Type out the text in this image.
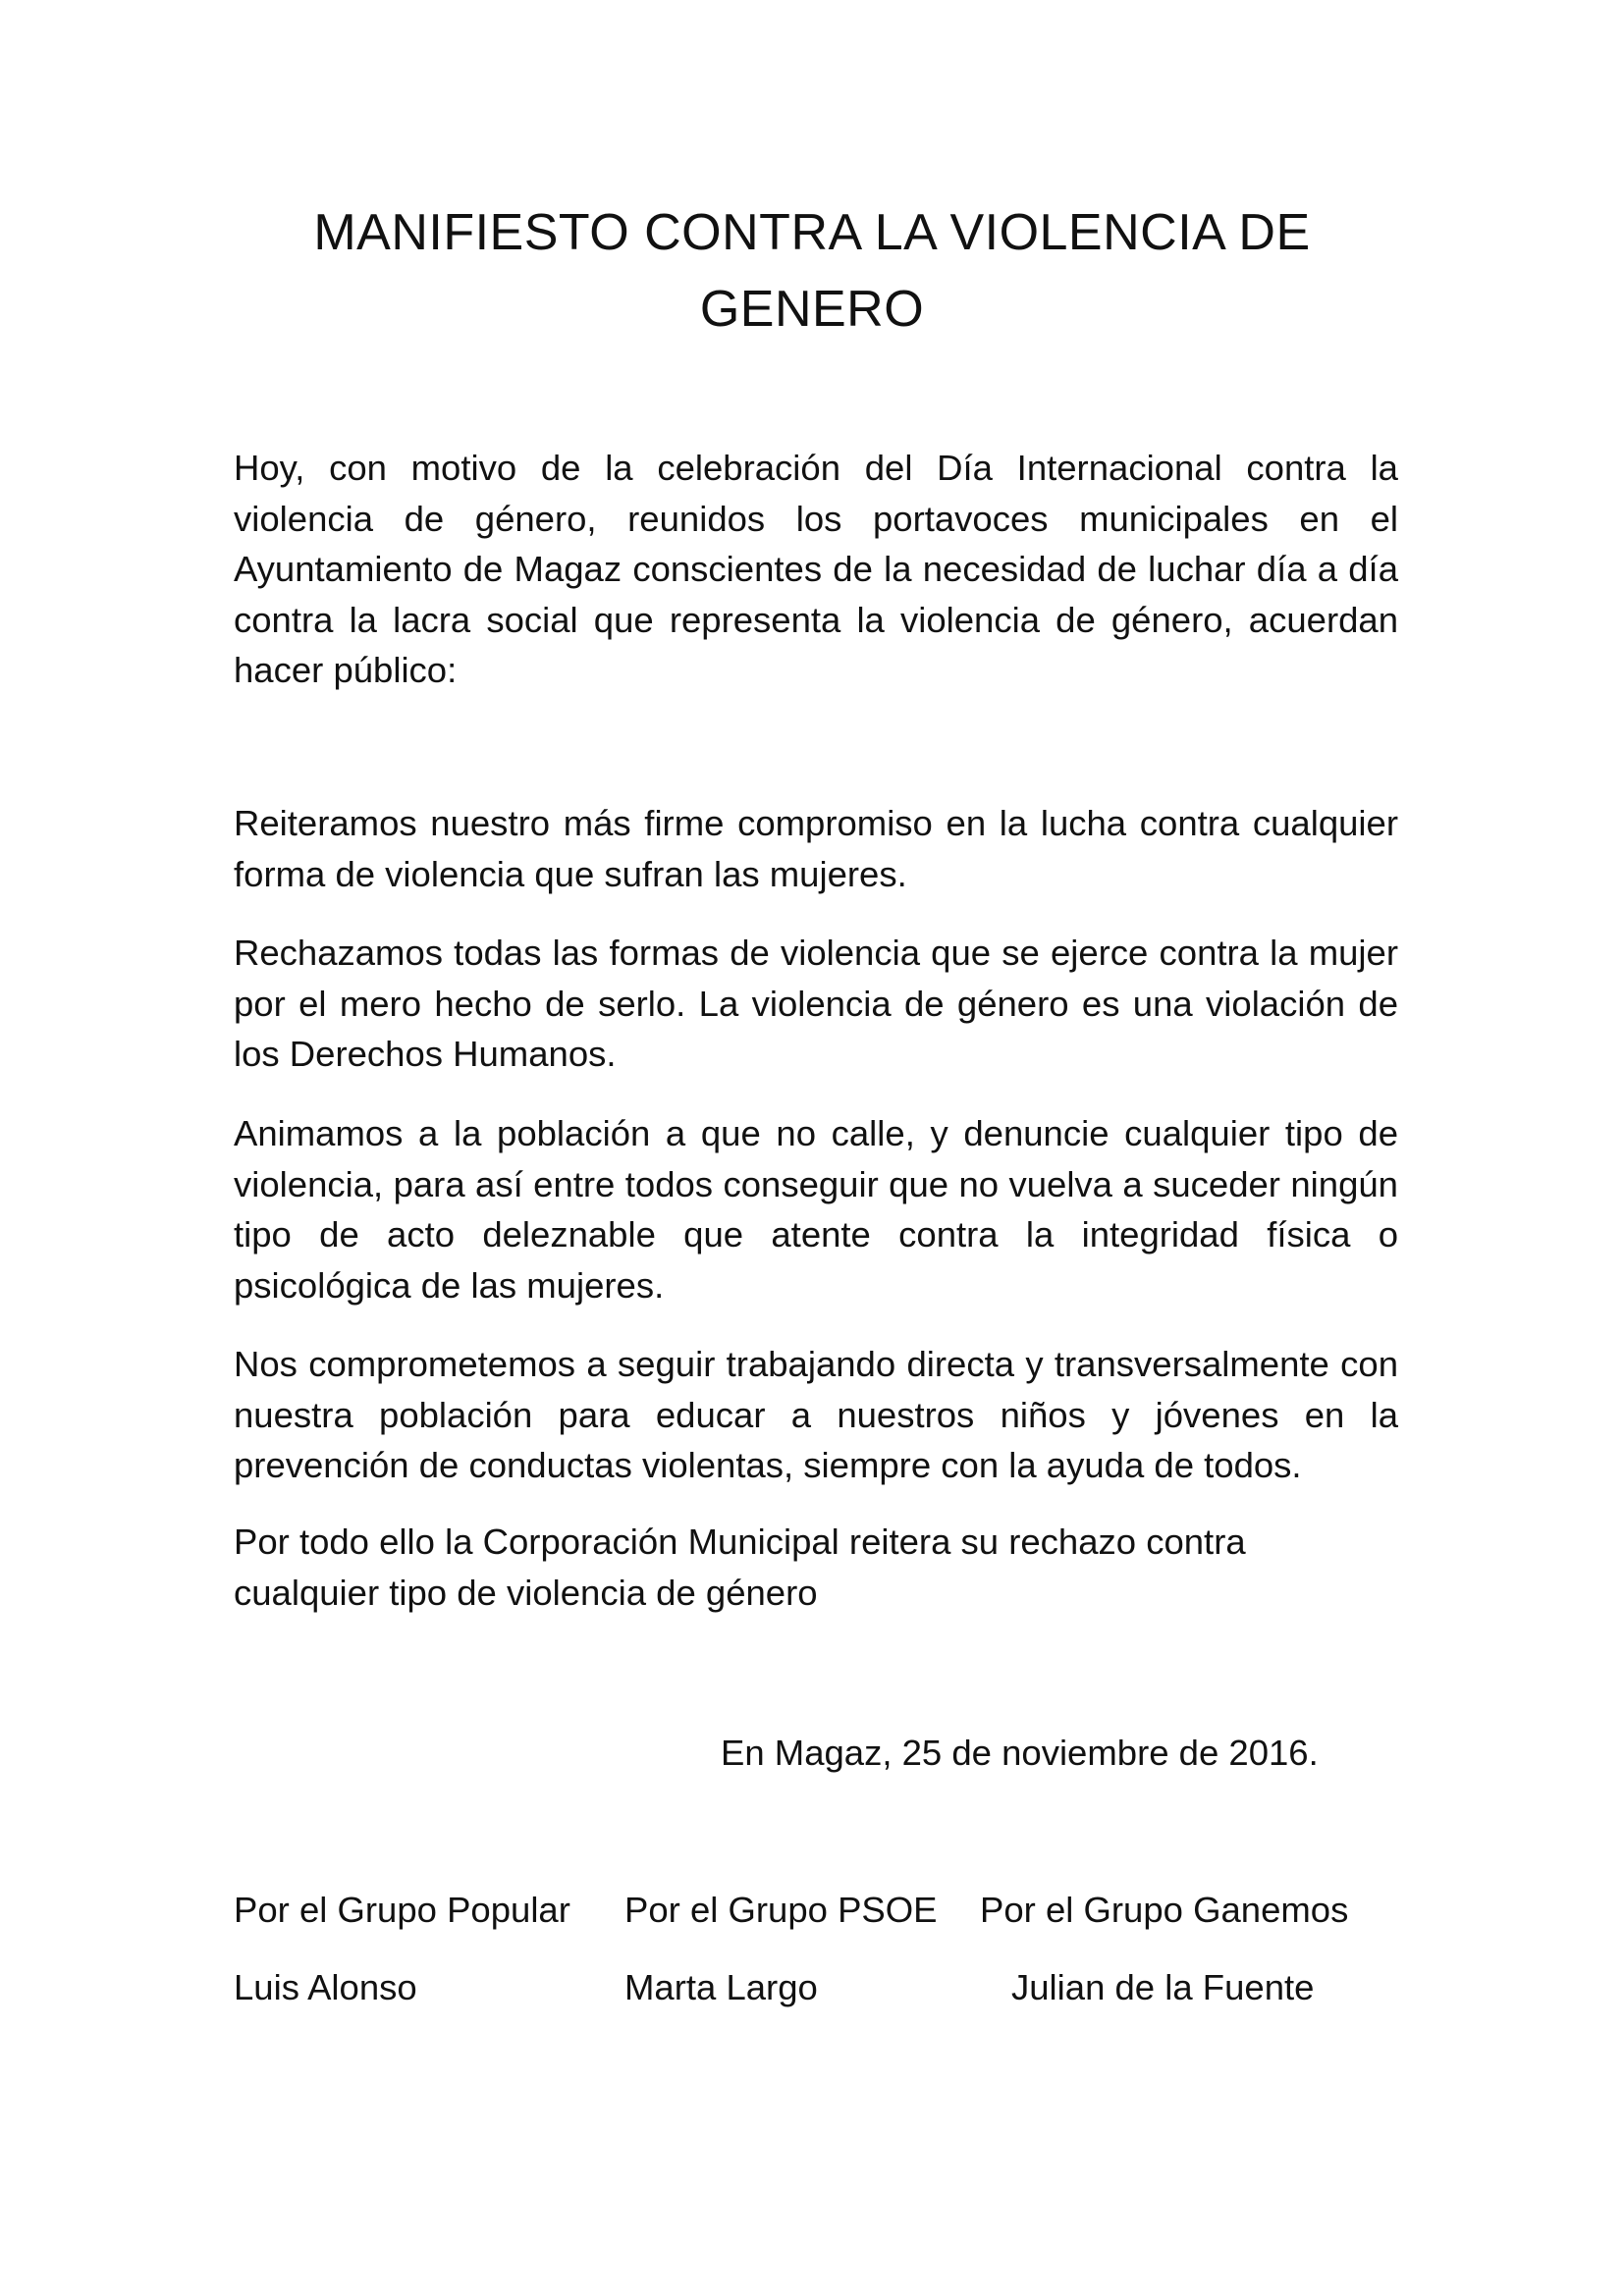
MANIFIESTO CONTRA LA VIOLENCIA DE
GENERO

Hoy, con motivo de la celebración del Día Internacional contra la violencia de género, reunidos los portavoces municipales en el Ayuntamiento de Magaz conscientes de la necesidad de luchar día a día contra la lacra social que representa la violencia de género, acuerdan hacer público:

Reiteramos nuestro más firme compromiso en la lucha contra cualquier forma de violencia que sufran las mujeres.

Rechazamos todas las formas de violencia que se ejerce contra la mujer por el mero hecho de serlo. La violencia de género es una violación de los Derechos Humanos.

Animamos a la población a que no calle, y denuncie cualquier tipo de violencia, para así entre todos conseguir que no vuelva a suceder ningún tipo de acto deleznable que atente contra la integridad física o psicológica de las mujeres.

Nos comprometemos a seguir trabajando directa y transversalmente con nuestra población para educar a nuestros niños y jóvenes en la prevención de conductas violentas, siempre con la ayuda de todos.

Por todo ello la Corporación Municipal reitera su rechazo contra cualquier tipo de violencia de género

En Magaz, 25 de noviembre de 2016.
Por el Grupo Popular Por el Grupo PSOE Por el Grupo Ganemos
Luis Alonso	Marta Largo	Julian de la Fuente
